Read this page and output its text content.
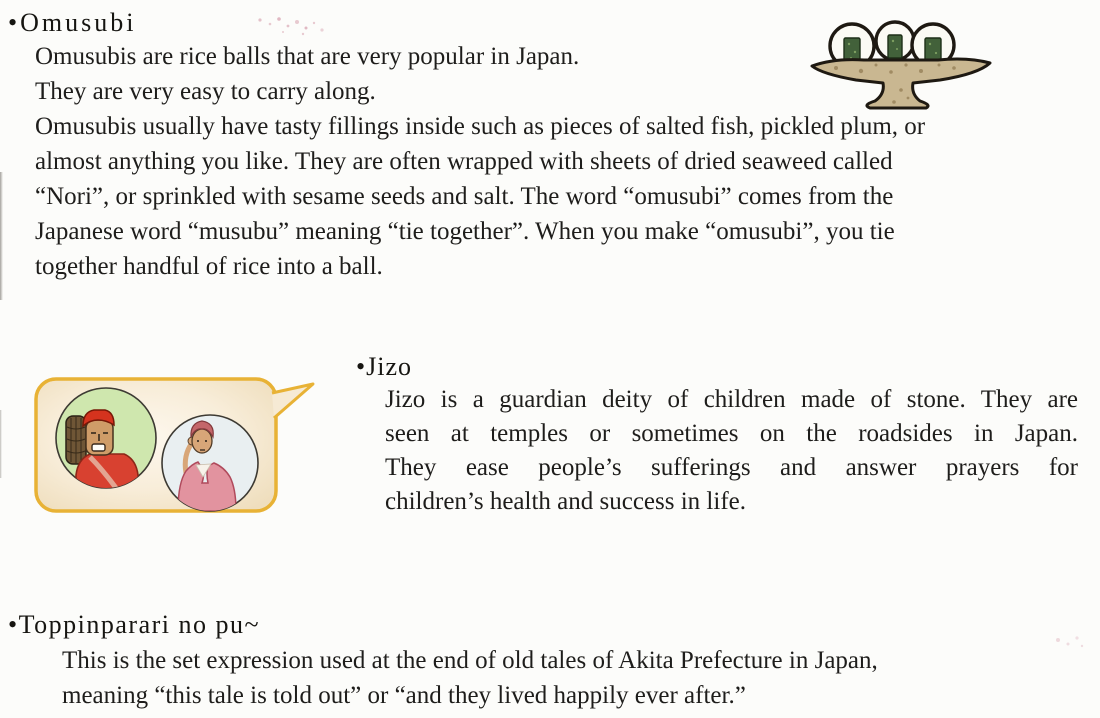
•Omusubi
Omusubis are rice balls that are very popular in Japan.
They are very easy to carry along.
Omusubis usually have tasty fillings inside such as pieces of salted fish, pickled plum, or
almost anything you like. They are often wrapped with sheets of dried seaweed called
“Nori”, or sprinkled with sesame seeds and salt. The word “omusubi” comes from the
Japanese word “musubu” meaning “tie together”. When you make “omusubi”, you tie
together handful of rice into a ball.
•Jizo
Jizo is a guardian deity of children made of stone. They are
seen at temples or sometimes on the roadsides in Japan.
They ease people’s sufferings and answer prayers for
children’s health and success in life.
•Toppinparari no pu~
This is the set expression used at the end of old tales of Akita Prefecture in Japan,
meaning “this tale is told out” or “and they lived happily ever after.”
